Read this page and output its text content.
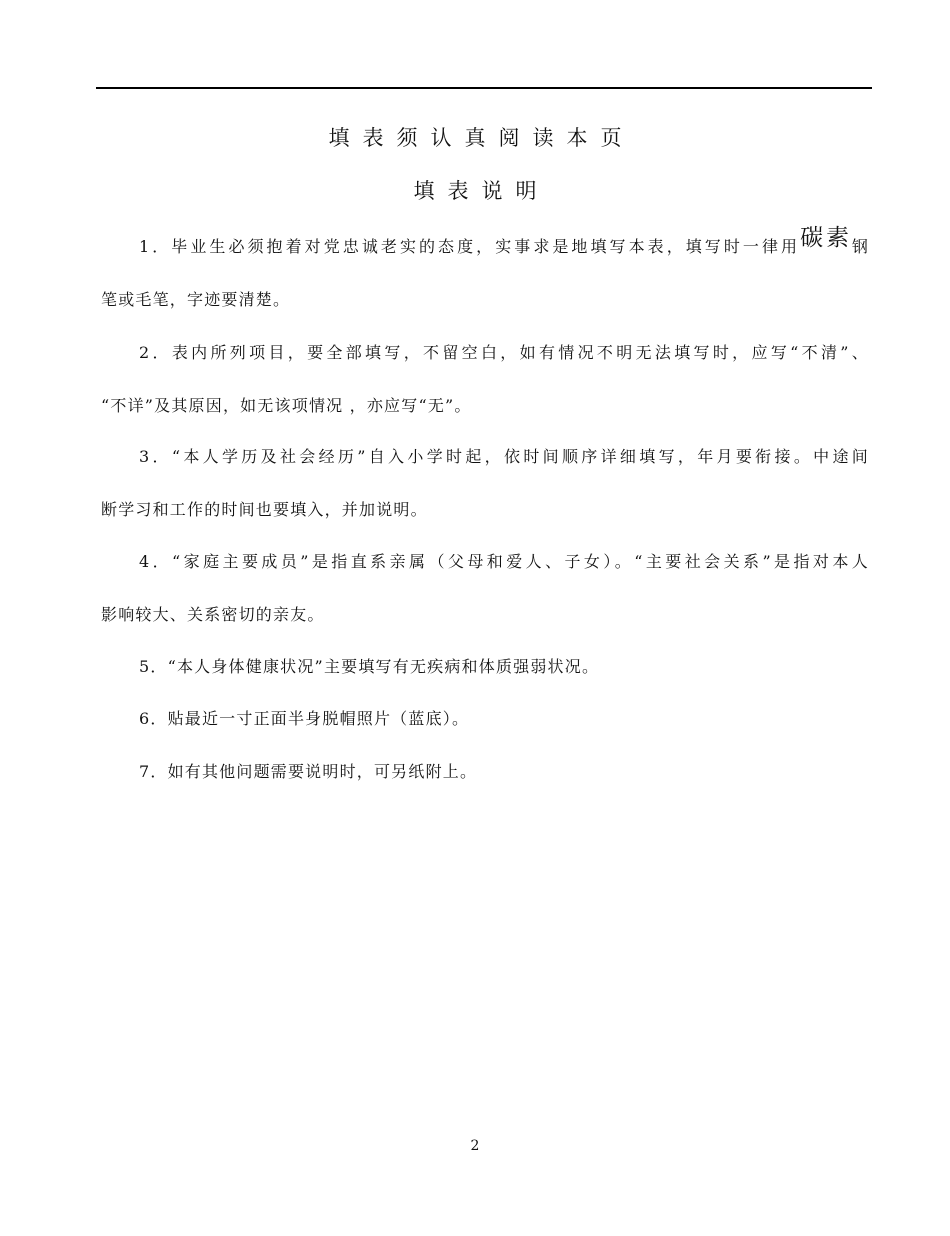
填表须认真阅读本页
填表说明
1．毕业生必须抱着对党忠诚老实的态度，实事求是地填写本表，填写时一律用碳素钢
笔或毛笔，字迹要清楚。
2．表内所列项目，要全部填写，不留空白，如有情况不明无法填写时，应写“不清”、
“不详”及其原因，如无该项情况 ，亦应写“无”。
3．“本人学历及社会经历”自入小学时起，依时间顺序详细填写，年月要衔接。中途间
断学习和工作的时间也要填入，并加说明。
4．“家庭主要成员”是指直系亲属（父母和爱人、子女）。“主要社会关系”是指对本人
影响较大、关系密切的亲友。
5．“本人身体健康状况”主要填写有无疾病和体质强弱状况。
6．贴最近一寸正面半身脱帽照片（蓝底）。
7．如有其他问题需要说明时，可另纸附上。
2
